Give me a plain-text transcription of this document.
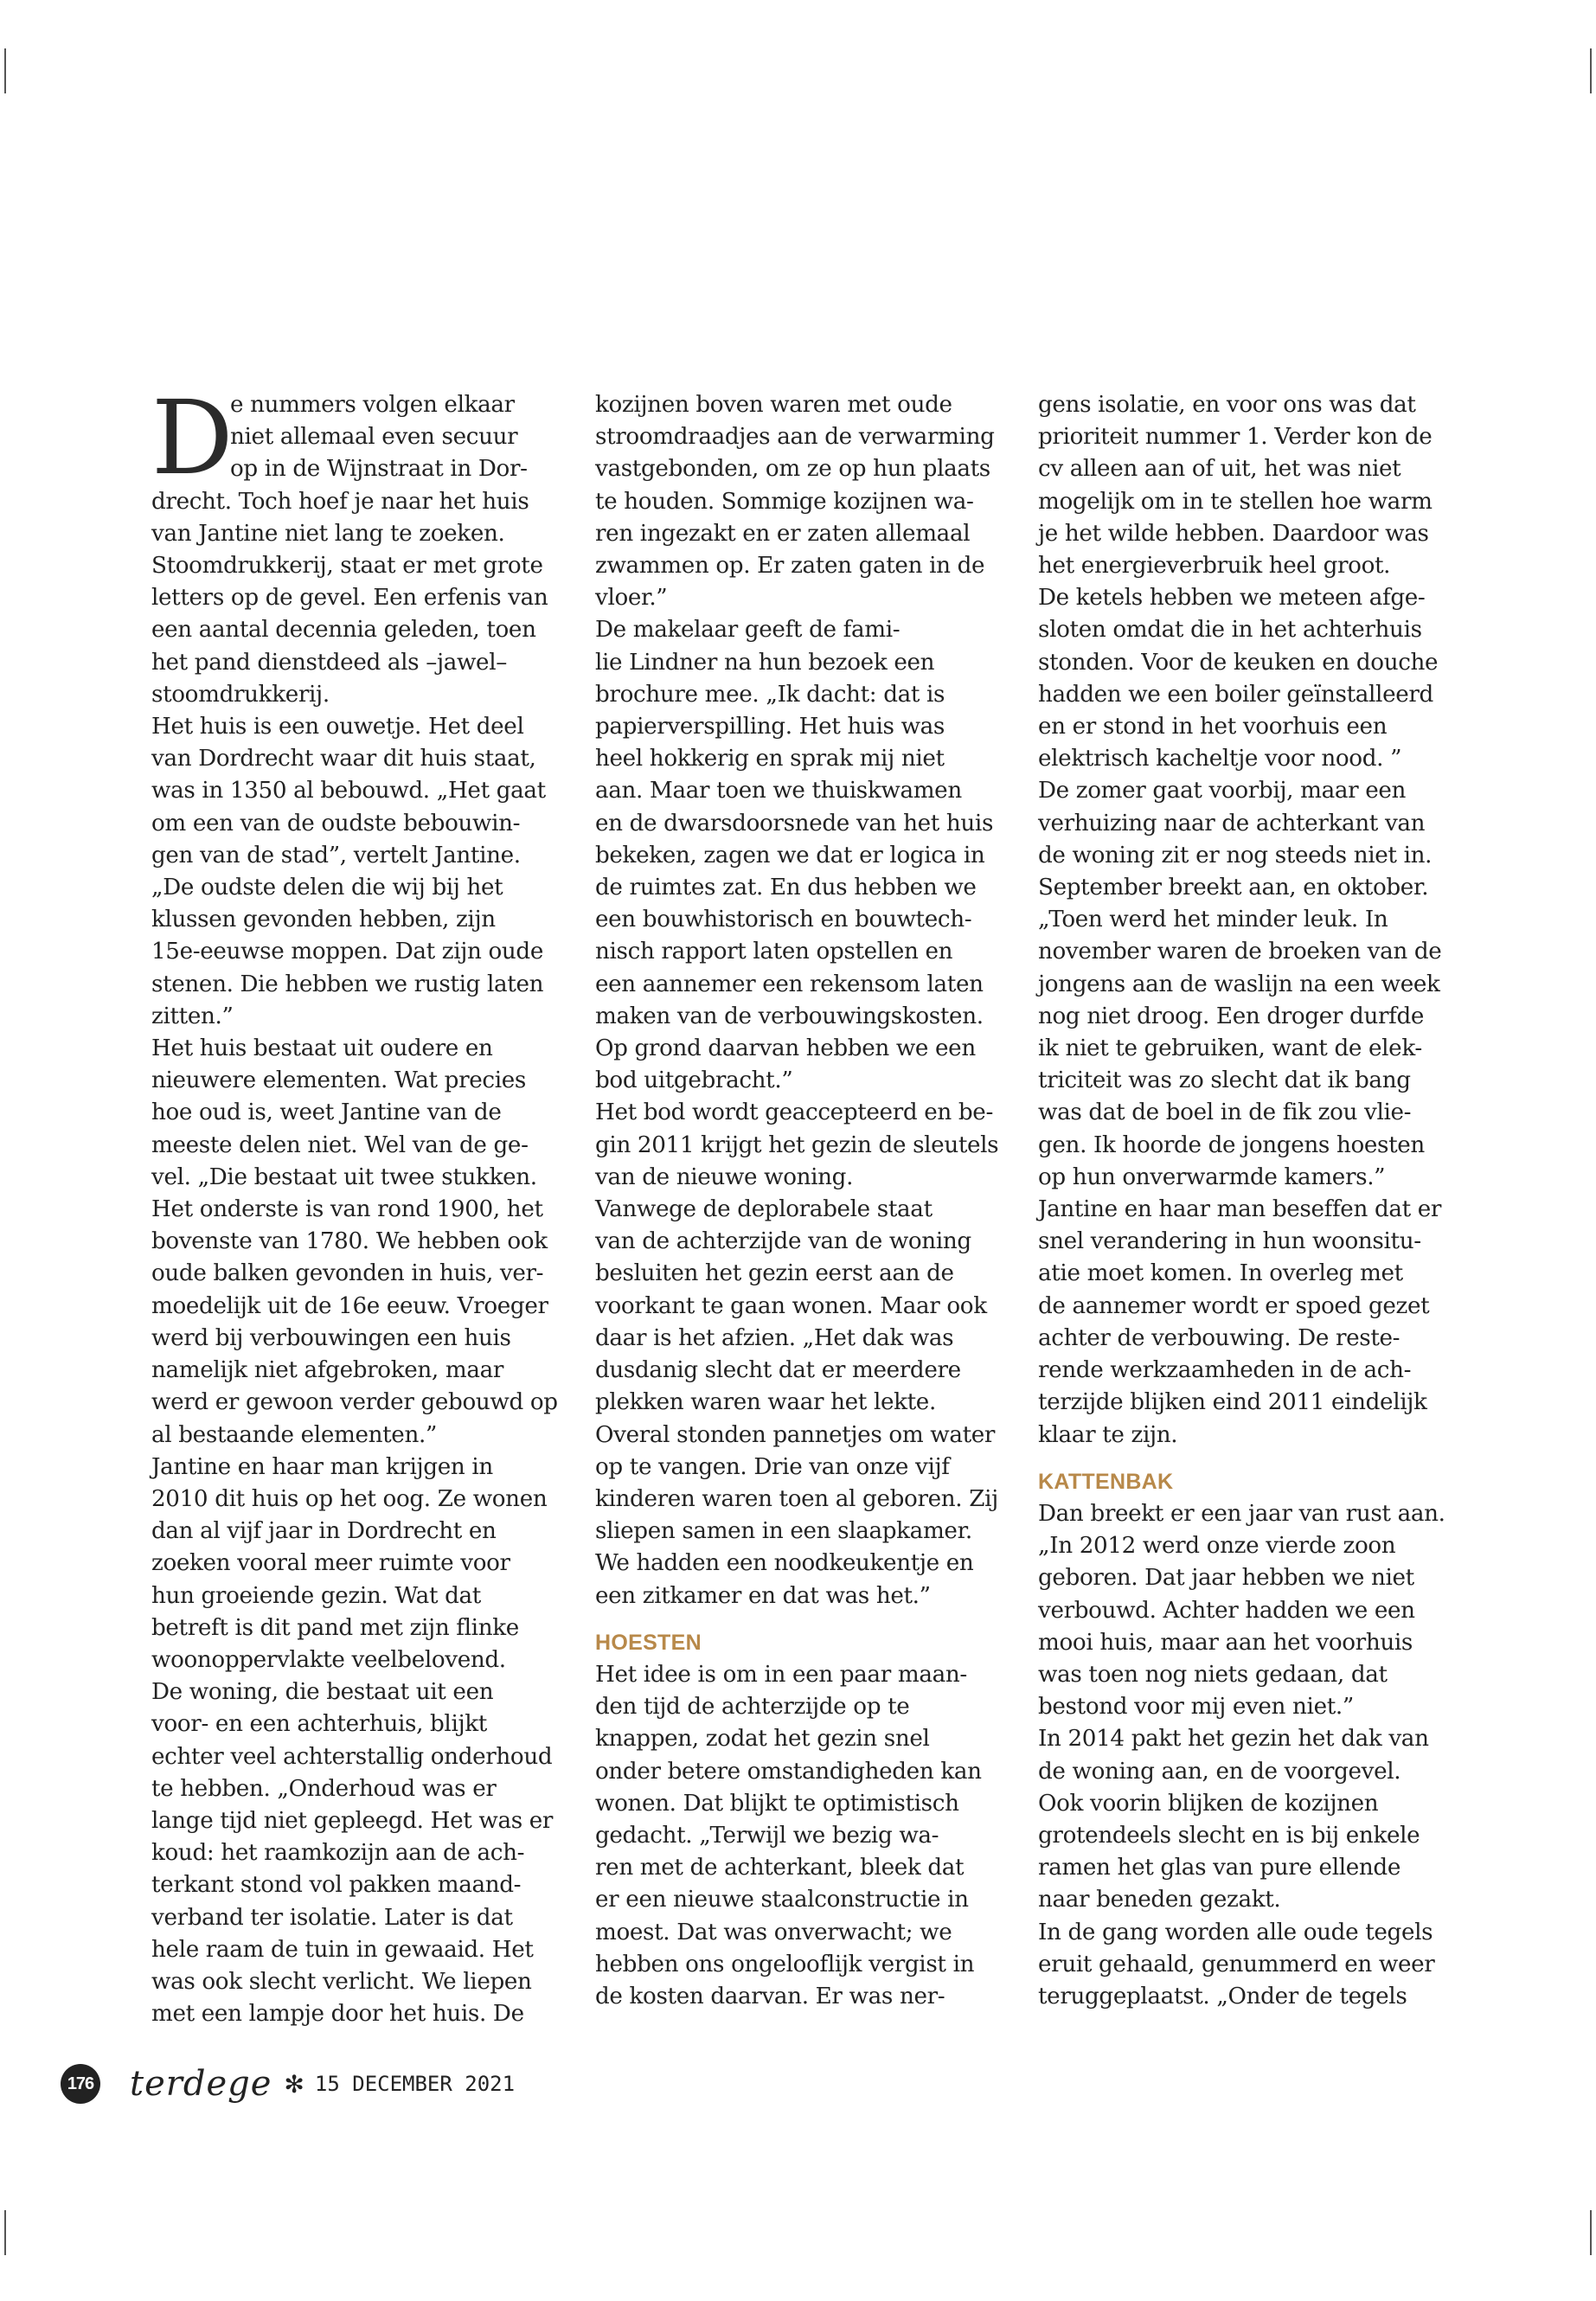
D
e nummers volgen elkaar
niet allemaal even secuur
op in de Wijnstraat in Dor-
drecht. Toch hoef je naar het huis
van Jantine niet lang te zoeken.
Stoomdrukkerij, staat er met grote
letters op de gevel. Een erfenis van
een aantal decennia geleden, toen
het pand dienstdeed als –jawel–
stoomdrukkerij.
Het huis is een ouwetje. Het deel
van Dordrecht waar dit huis staat,
was in 1350 al bebouwd. „Het gaat
om een van de oudste bebouwin-
gen van de stad”, vertelt Jantine.
„De oudste delen die wij bij het
klussen gevonden hebben, zijn
15e-eeuwse moppen. Dat zijn oude
stenen. Die hebben we rustig laten
zitten.”
Het huis bestaat uit oudere en
nieuwere elementen. Wat precies
hoe oud is, weet Jantine van de
meeste delen niet. Wel van de ge-
vel. „Die bestaat uit twee stukken.
Het onderste is van rond 1900, het
bovenste van 1780. We hebben ook
oude balken gevonden in huis, ver-
moedelijk uit de 16e eeuw. Vroeger
werd bij verbouwingen een huis
namelijk niet afgebroken, maar
werd er gewoon verder gebouwd op
al bestaande elementen.”
Jantine en haar man krijgen in
2010 dit huis op het oog. Ze wonen
dan al vijf jaar in Dordrecht en
zoeken vooral meer ruimte voor
hun groeiende gezin. Wat dat
betreft is dit pand met zijn flinke
woonoppervlakte veelbelovend.
De woning, die bestaat uit een
voor- en een achterhuis, blijkt
echter veel achterstallig onderhoud
te hebben. „Onderhoud was er
lange tijd niet gepleegd. Het was er
koud: het raamkozijn aan de ach-
terkant stond vol pakken maand-
verband ter isolatie. Later is dat
hele raam de tuin in gewaaid. Het
was ook slecht verlicht. We liepen
met een lampje door het huis. De
kozijnen boven waren met oude
stroomdraadjes aan de verwarming
vastgebonden, om ze op hun plaats
te houden. Sommige kozijnen wa-
ren ingezakt en er zaten allemaal
zwammen op. Er zaten gaten in de
vloer.”
De makelaar geeft de fami-
lie Lindner na hun bezoek een
brochure mee. „Ik dacht: dat is
papierverspilling. Het huis was
heel hokkerig en sprak mij niet
aan. Maar toen we thuiskwamen
en de dwarsdoorsnede van het huis
bekeken, zagen we dat er logica in
de ruimtes zat. En dus hebben we
een bouwhistorisch en bouwtech-
nisch rapport laten opstellen en
een aannemer een rekensom laten
maken van de verbouwingskosten.
Op grond daarvan hebben we een
bod uitgebracht.”
Het bod wordt geaccepteerd en be-
gin 2011 krijgt het gezin de sleutels
van de nieuwe woning.
Vanwege de deplorabele staat
van de achterzijde van de woning
besluiten het gezin eerst aan de
voorkant te gaan wonen. Maar ook
daar is het afzien. „Het dak was
dusdanig slecht dat er meerdere
plekken waren waar het lekte.
Overal stonden pannetjes om water
op te vangen. Drie van onze vijf
kinderen waren toen al geboren. Zij
sliepen samen in een slaapkamer.
We hadden een noodkeukentje en
een zitkamer en dat was het.”
HOESTEN
Het idee is om in een paar maan-
den tijd de achterzijde op te
knappen, zodat het gezin snel
onder betere omstandigheden kan
wonen. Dat blijkt te optimistisch
gedacht. „Terwijl we bezig wa-
ren met de achterkant, bleek dat
er een nieuwe staalconstructie in
moest. Dat was onverwacht; we
hebben ons ongelooflijk vergist in
de kosten daarvan. Er was ner-
gens isolatie, en voor ons was dat
prioriteit nummer 1. Verder kon de
cv alleen aan of uit, het was niet
mogelijk om in te stellen hoe warm
je het wilde hebben. Daardoor was
het energieverbruik heel groot.
De ketels hebben we meteen afge-
sloten omdat die in het achterhuis
stonden. Voor de keuken en douche
hadden we een boiler geïnstalleerd
en er stond in het voorhuis een
elektrisch kacheltje voor nood. ”
De zomer gaat voorbij, maar een
verhuizing naar de achterkant van
de woning zit er nog steeds niet in.
September breekt aan, en oktober.
„Toen werd het minder leuk. In
november waren de broeken van de
jongens aan de waslijn na een week
nog niet droog. Een droger durfde
ik niet te gebruiken, want de elek-
triciteit was zo slecht dat ik bang
was dat de boel in de fik zou vlie-
gen. Ik hoorde de jongens hoesten
op hun onverwarmde kamers.”
Jantine en haar man beseffen dat er
snel verandering in hun woonsitu-
atie moet komen. In overleg met
de aannemer wordt er spoed gezet
achter de verbouwing. De reste-
rende werkzaamheden in de ach-
terzijde blijken eind 2011 eindelijk
klaar te zijn.
KATTENBAK
Dan breekt er een jaar van rust aan.
„In 2012 werd onze vierde zoon
geboren. Dat jaar hebben we niet
verbouwd. Achter hadden we een
mooi huis, maar aan het voorhuis
was toen nog niets gedaan, dat
bestond voor mij even niet.”
In 2014 pakt het gezin het dak van
de woning aan, en de voorgevel.
Ook voorin blijken de kozijnen
grotendeels slecht en is bij enkele
ramen het glas van pure ellende
naar beneden gezakt.
In de gang worden alle oude tegels
eruit gehaald, genummerd en weer
teruggeplaatst. „Onder de tegels
176 terdege ✻ 15 DECEMBER 2021
